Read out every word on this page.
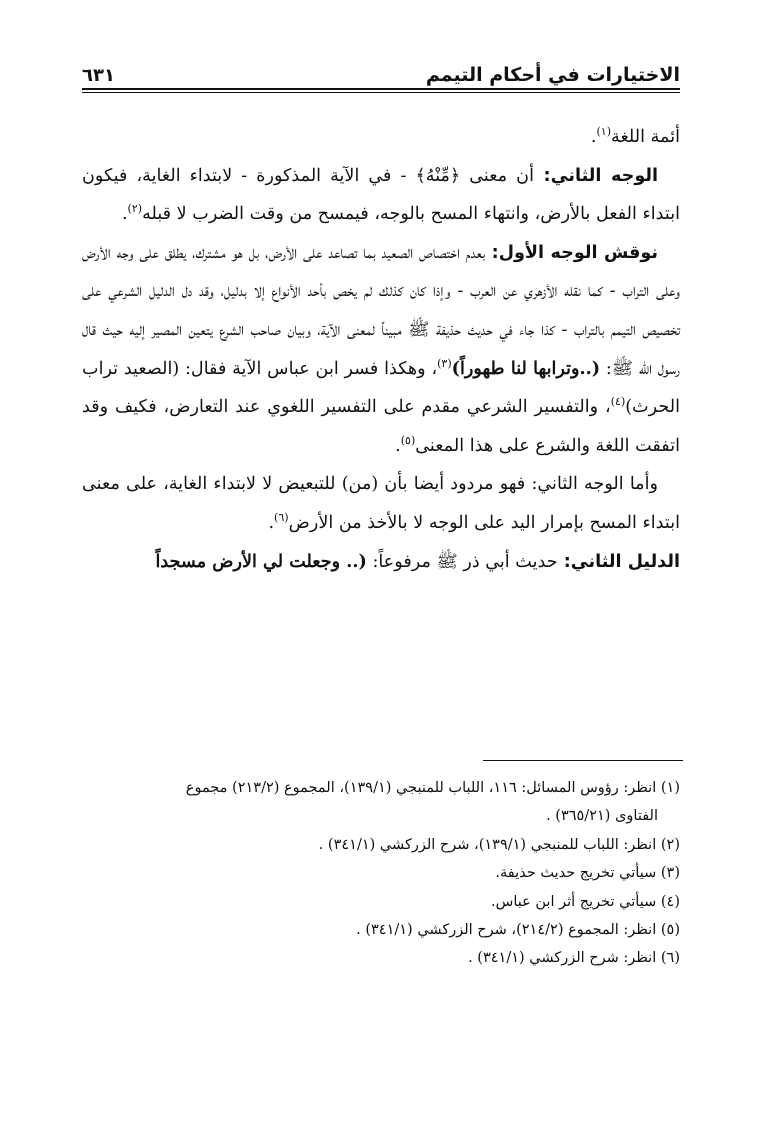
الاختيارات في أحكام التيمم
٦٣١

أئمة اللغة$^{(١)}$.

الوجه الثاني: أن معنى ﴿مِّنْهُ﴾ - في الآية المذكورة - لابتداء الغاية، فيكون ابتداء الفعل بالأرض، وانتهاء المسح بالوجه، فيمسح من وقت الضرب لا قبله$^{(٢)}$.

نوقش الوجه الأول: بعدم اختصاص الصعيد بما تصاعد على الأرض، بل هو مشترك، يطلق على وجه الأرض وعلى التراب - كما نقله الأزهري عن العرب - وإذا كان كذلك لم يخص بأحد الأنواع إلا بدليل، وقد دل الدليل الشرعي على تخصيص التيمم بالتراب - كذا جاء في حديث حذيفة ﷺ مبيناً لمعنى الآية، وبيان صاحب الشرع يتعين المصير إليه حيث قال رسول الله ﷺ: (..وترابها لنا طهوراً)$^{(٣)}$، وهكذا فسر ابن عباس الآية فقال: (الصعيد تراب الحرث)$^{(٤)}$، والتفسير الشرعي مقدم على التفسير اللغوي عند التعارض، فكيف وقد اتفقت اللغة والشرع على هذا المعنى$^{(٥)}$.

وأما الوجه الثاني: فهو مردود أيضا بأن (من) للتبعيض لا لابتداء الغاية، على معنى ابتداء المسح بإمرار اليد على الوجه لا بالأخذ من الأرض$^{(٦)}$.

الدليل الثاني: حديث أبي ذر ﷺ مرفوعاً: (.. وجعلت لي الأرض مسجداً

(١) انظر: رؤوس المسائل: ١١٦، اللباب للمنبجي (١٣٩/١)، المجموع (٢١٣/٢) مجموع

الفتاوى (٣٦٥/٢١) .

(٢) انظر: اللباب للمنبجي (١٣٩/١)، شرح الزركشي (٣٤١/١) .

(٣) سيأتي تخريج حديث حذيفة.

(٤) سيأتي تخريج أثر ابن عباس.

(٥) انظر: المجموع (٢١٤/٢)، شرح الزركشي (٣٤١/١) .

(٦) انظر: شرح الزركشي (٣٤١/١) .
